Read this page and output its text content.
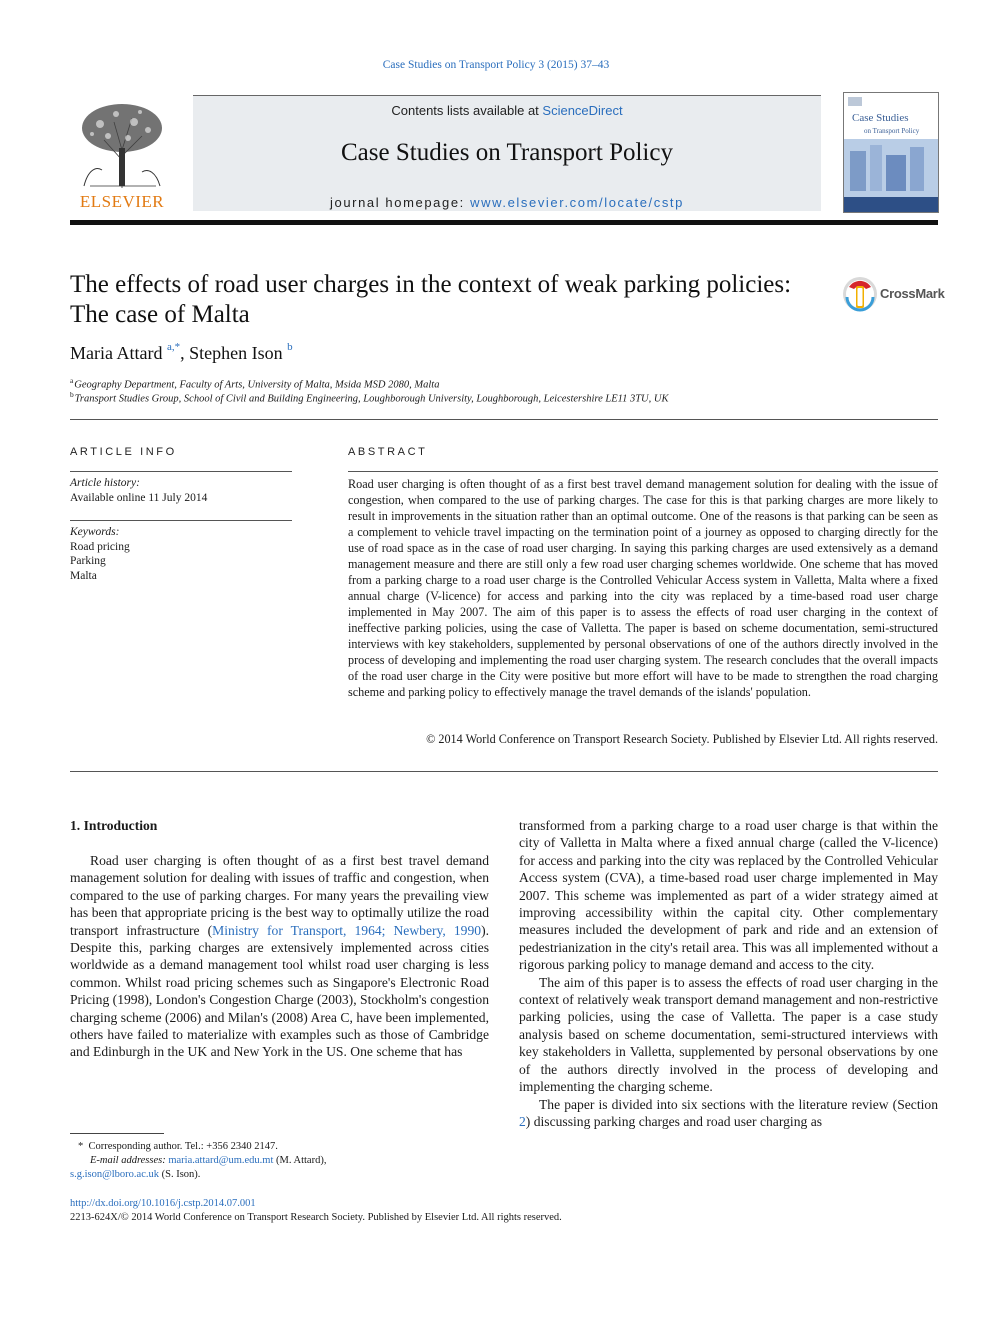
Case Studies on Transport Policy 3 (2015) 37–43
ELSEVIER
Contents lists available at ScienceDirect
Case Studies on Transport Policy
journal homepage: www.elsevier.com/locate/cstp
Case Studies
on Transport Policy
The effects of road user charges in the context of weak parking policies:
The case of Malta
CrossMark
Maria Attard $^{a,*}$, Stephen Ison $^b$
$^a$ Geography Department, Faculty of Arts, University of Malta, Msida MSD 2080, Malta
$^b$ Transport Studies Group, School of Civil and Building Engineering, Loughborough University, Loughborough, Leicestershire LE11 3TU, UK
ARTICLE INFO
Article history:
Available online 11 July 2014
Keywords:
Road pricing
Parking
Malta
ABSTRACT
Road user charging is often thought of as a first best travel demand management solution for dealing with the issue of congestion, when compared to the use of parking charges. The case for this is that parking charges are more likely to result in improvements in the situation rather than an optimal outcome. One of the reasons is that parking can be seen as a complement to vehicle travel impacting on the termination point of a journey as opposed to charging directly for the use of road space as in the case of road user charging. In saying this parking charges are used extensively as a demand management measure and there are still only a few road user charging schemes worldwide. One scheme that has moved from a parking charge to a road user charge is the Controlled Vehicular Access system in Valletta, Malta where a fixed annual charge (V-licence) for access and parking into the city was replaced by a time-based road user charge implemented in May 2007. The aim of this paper is to assess the effects of road user charging in the context of ineffective parking policies, using the case of Valletta. The paper is based on scheme documentation, semi-structured interviews with key stakeholders, supplemented by personal observations of one of the authors directly involved in the process of developing and implementing the road user charging system. The research concludes that the overall impacts of the road user charge in the City were positive but more effort will have to be made to strengthen the road charging scheme and parking policy to effectively manage the travel demands of the islands' population.
© 2014 World Conference on Transport Research Society. Published by Elsevier Ltd. All rights reserved.
1. Introduction

Road user charging is often thought of as a first best travel demand management solution for dealing with issues of traffic and congestion, when compared to the use of parking charges. For many years the prevailing view has been that appropriate pricing is the best way to optimally utilize the road transport infrastructure (Ministry for Transport, 1964; Newbery, 1990). Despite this, parking charges are extensively implemented across cities worldwide as a demand management tool whilst road user charging is less common. Whilst road pricing schemes such as Singapore's Electronic Road Pricing (1998), London's Congestion Charge (2003), Stockholm's congestion charging scheme (2006) and Milan's (2008) Area C, have been implemented, others have failed to materialize with examples such as those of Cambridge and Edinburgh in the UK and New York in the US. One scheme that has

transformed from a parking charge to a road user charge is that within the city of Valletta in Malta where a fixed annual charge (called the V-licence) for access and parking into the city was replaced by the Controlled Vehicular Access system (CVA), a time-based road user charge implemented in May 2007. This scheme was implemented as part of a wider strategy aimed at improving accessibility within the capital city. Other complementary measures included the development of park and ride and an extension of pedestrianization in the city's retail area. This was all implemented without a rigorous parking policy to manage demand and access to the city.

The aim of this paper is to assess the effects of road user charging in the context of relatively weak transport demand management and non-restrictive parking policies, using the case of Valletta. The paper is a case study analysis based on scheme documentation, semi-structured interviews with key stakeholders in Valletta, supplemented by personal observations by one of the authors directly involved in the process of developing and implementing the charging scheme.

The paper is divided into six sections with the literature review (Section 2) discussing parking charges and road user charging as

* Corresponding author. Tel.: +356 2340 2147.
E-mail addresses: maria.attard@um.edu.mt (M. Attard),
s.g.ison@lboro.ac.uk (S. Ison).
http://dx.doi.org/10.1016/j.cstp.2014.07.001
2213-624X/© 2014 World Conference on Transport Research Society. Published by Elsevier Ltd. All rights reserved.
